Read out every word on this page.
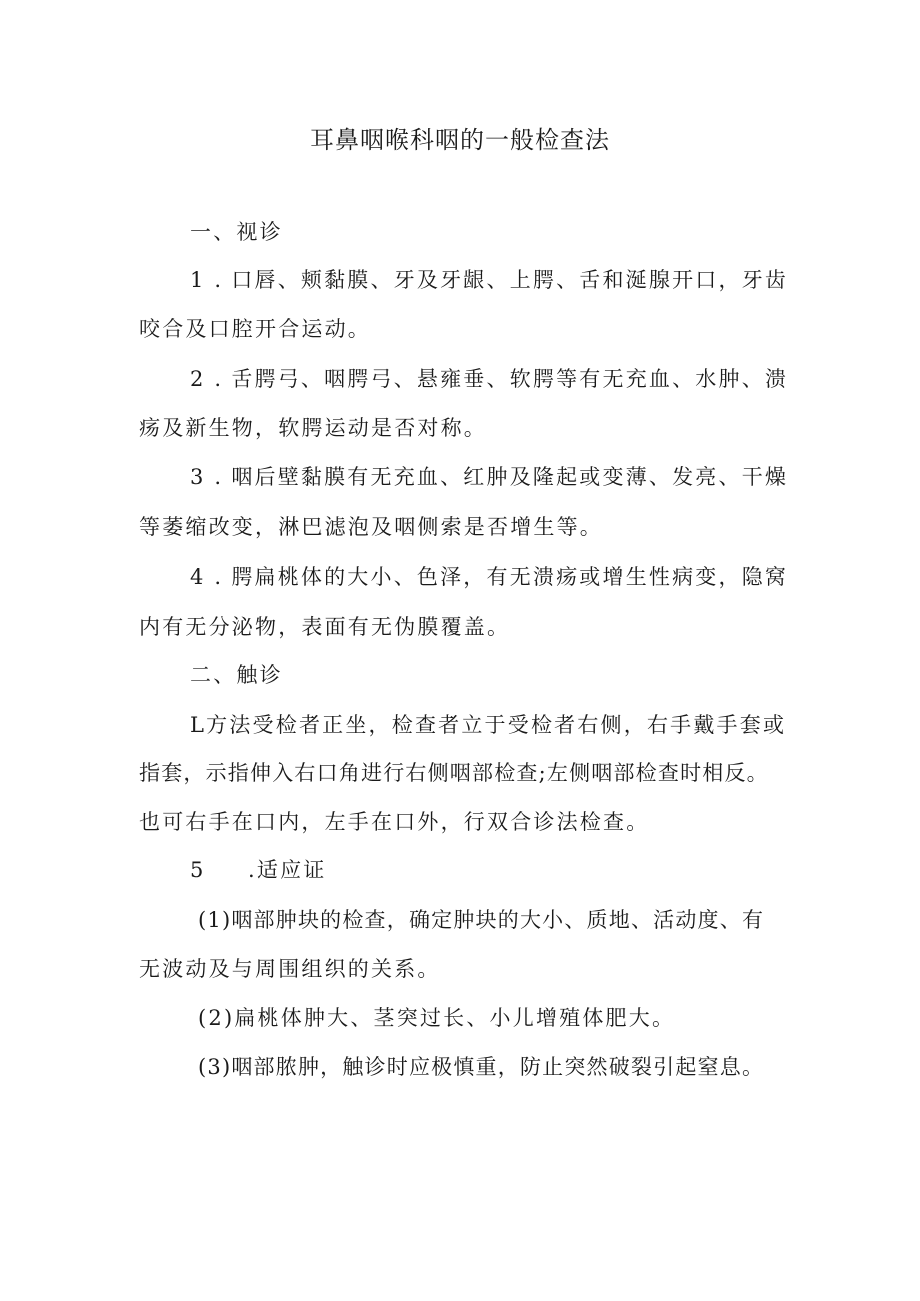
耳鼻咽喉科咽的一般检查法
一、视诊
1 . 口唇、颊黏膜、牙及牙龈、上腭、舌和涎腺开口，牙齿
咬合及口腔开合运动。
2 . 舌腭弓、咽腭弓、悬雍垂、软腭等有无充血、水肿、溃
疡及新生物，软腭运动是否对称。
3 . 咽后壁黏膜有无充血、红肿及隆起或变薄、发亮、干燥
等萎缩改变，淋巴滤泡及咽侧索是否增生等。
4 . 腭扁桃体的大小、色泽，有无溃疡或增生性病变，隐窝
内有无分泌物，表面有无伪膜覆盖。
二、触诊
L方法受检者正坐，检查者立于受检者右侧，右手戴手套或
指套，示指伸入右口角进行右侧咽部检查;左侧咽部检查时相反。
也可右手在口内，左手在口外，行双合诊法检查。
5 .适应证
(1)咽部肿块的检查，确定肿块的大小、质地、活动度、有
无波动及与周围组织的关系。
(2)扁桃体肿大、茎突过长、小儿增殖体肥大。
(3)咽部脓肿，触诊时应极慎重，防止突然破裂引起窒息。
